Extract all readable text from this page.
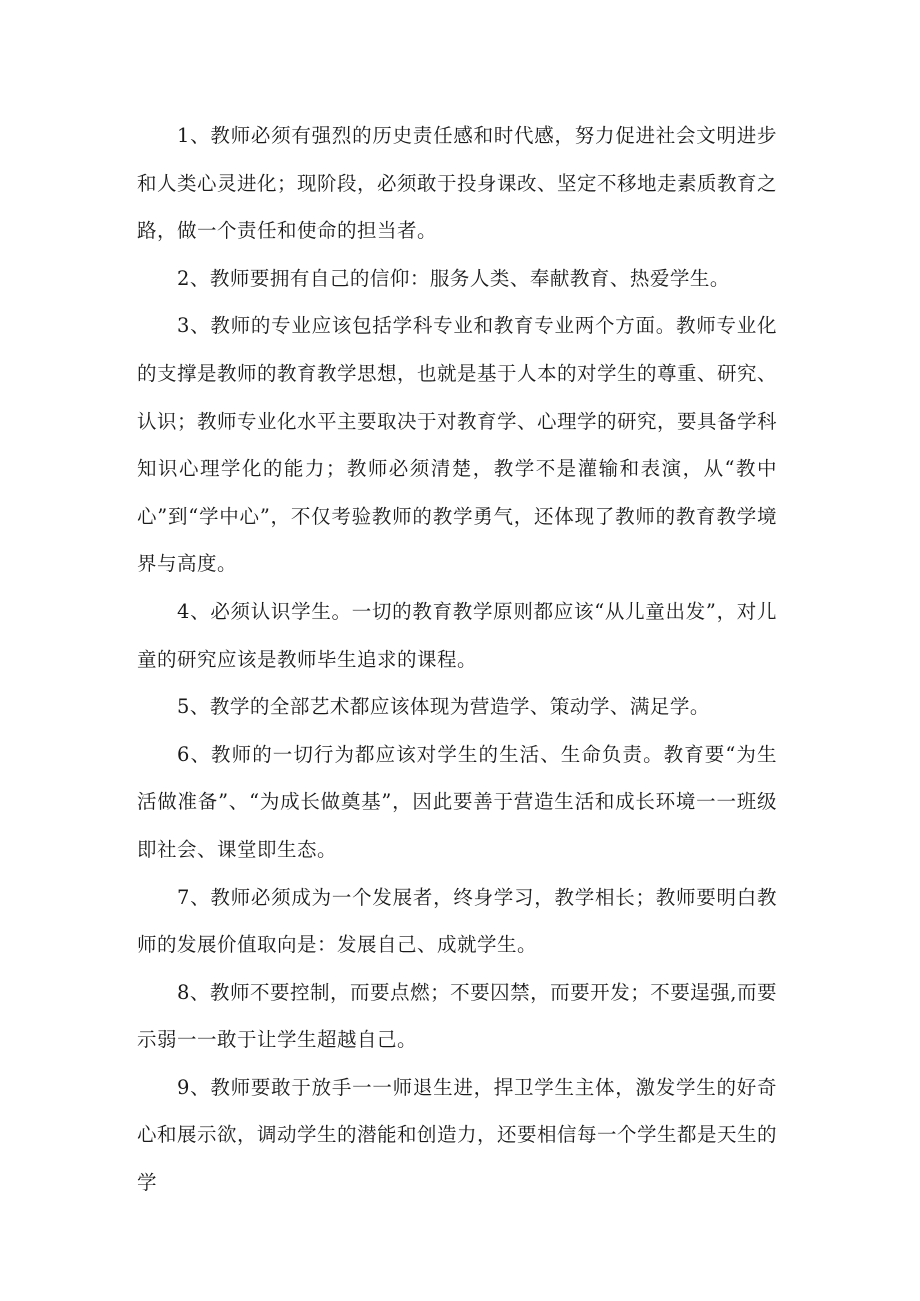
1、教师必须有强烈的历史责任感和时代感，努力促进社会文明进步和人类心灵进化；现阶段，必须敢于投身课改、坚定不移地走素质教育之路，做一个责任和使命的担当者。

2、教师要拥有自己的信仰：服务人类、奉献教育、热爱学生。

3、教师的专业应该包括学科专业和教育专业两个方面。教师专业化的支撑是教师的教育教学思想，也就是基于人本的对学生的尊重、研究、认识；教师专业化水平主要取决于对教育学、心理学的研究，要具备学科知识心理学化的能力；教师必须清楚，教学不是灌输和表演，从“教中心”到“学中心”，不仅考验教师的教学勇气，还体现了教师的教育教学境界与高度。

4、必须认识学生。一切的教育教学原则都应该“从儿童出发”，对儿童的研究应该是教师毕生追求的课程。

5、教学的全部艺术都应该体现为营造学、策动学、满足学。

6、教师的一切行为都应该对学生的生活、生命负责。教育要“为生活做准备”、“为成长做奠基”，因此要善于营造生活和成长环境一一班级即社会、课堂即生态。

7、教师必须成为一个发展者，终身学习，教学相长；教师要明白教师的发展价值取向是：发展自己、成就学生。

8、教师不要控制，而要点燃；不要囚禁，而要开发；不要逞强,而要示弱一一敢于让学生超越自己。

9、教师要敢于放手一一师退生进，捍卫学生主体，激发学生的好奇心和展示欲，调动学生的潜能和创造力，还要相信每一个学生都是天生的学
